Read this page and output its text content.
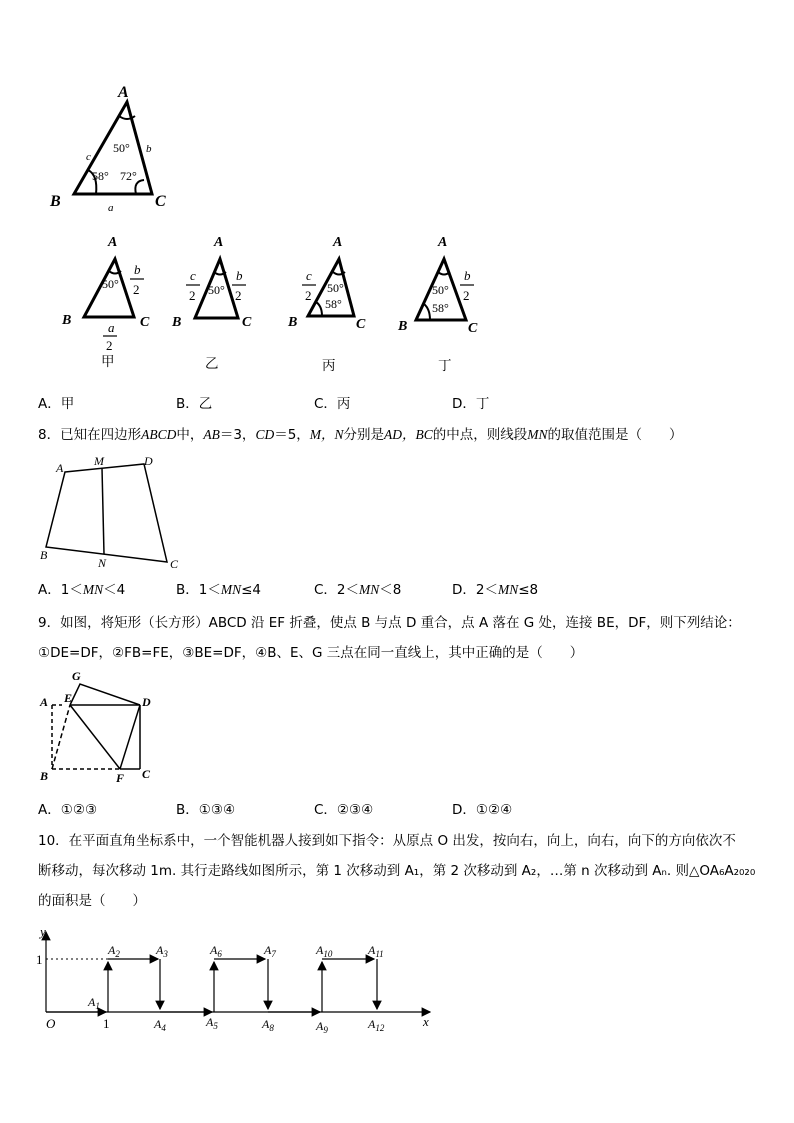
A
B	C
a
b
c
50°
58° 72°
A
B	C
50°
b
2
a
2
A
B	C
50°
c
2
b
2
A
B	C
50°
58°
c
2
A
B	C
50°
58°
b
2
甲	乙	丙	丁
A．甲	B．乙	C．丙	D．丁
8．已知在四边形ABCD中，AB＝3，CD＝5，M，N分别是AD，BC的中点，则线段MN的取值范围是（　　）
A	M	D
B
N	C
A．1＜MN＜4	B．1＜MN≤4	C．2＜MN＜8	D．2＜MN≤8
9．如图，将矩形（长方形）ABCD 沿 EF 折叠，使点 B 与点 D 重合，点 A 落在 G 处，连接 BE，DF，则下列结论：
①DE=DF，②FB=FE，③BE=DF，④B、E、G 三点在同一直线上，其中正确的是（　　）
G
A E	D
B	F C
A．①②③	B．①③④	C．②③④	D．①②④
10．在平面直角坐标系中，一个智能机器人接到如下指令：从原点 O 出发，按向右，向上，向右，向下的方向依次不
断移动，每次移动 1m. 其行走路线如图所示，第 1 次移动到 A₁，第 2 次移动到 A₂，…第 n 次移动到 Aₙ. 则△OA₆A₂₀₂₀
的面积是（　　）
y
x
O
1
1
$A_1$
$A_2$	$A_3$
$A_4$	$A_5$
$A_6$	$A_7$
$A_8$	$A_9$
$A_{10}$	$A_{11}$
$A_{12}$
